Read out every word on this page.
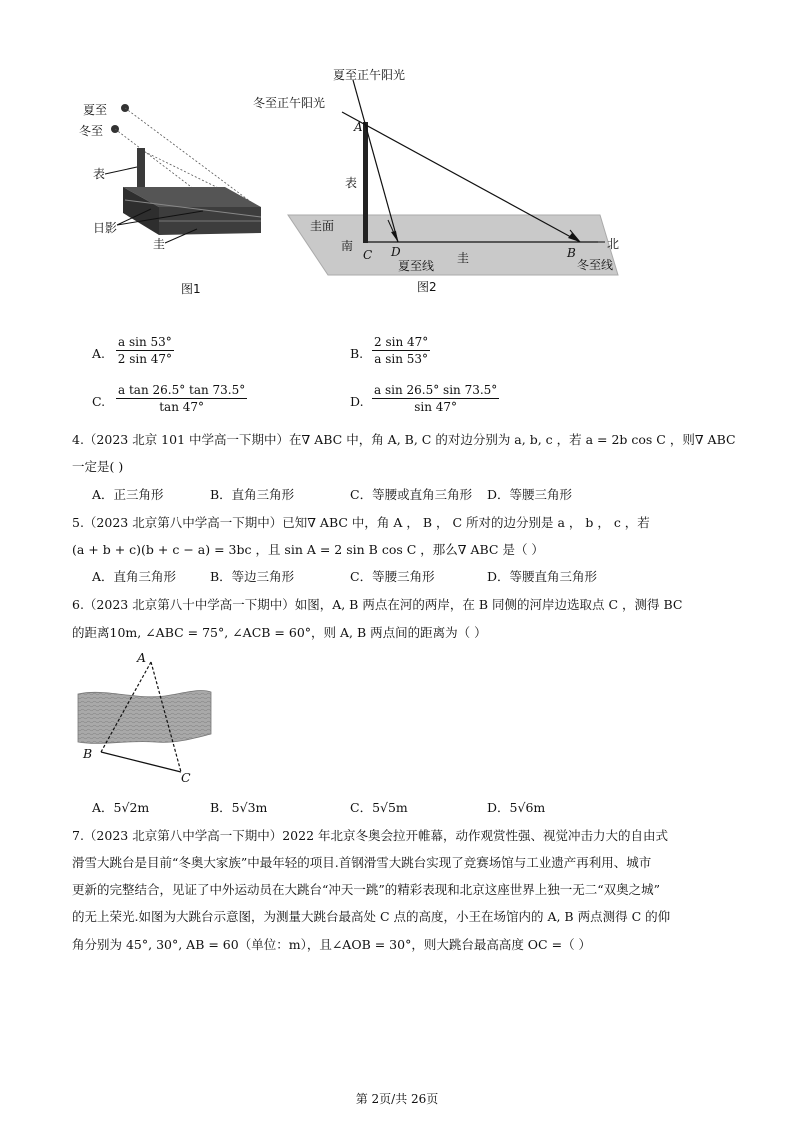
夏至
冬至
表
日影
圭
图1
夏至正午阳光
冬至正午阳光
A
表
圭面
南
C D
夏至线
圭	B
北
冬至线
图2
A. $\frac{\text{a sin 53°}}{2 \sin 47^\circ}$	B. $\frac{2 \sin 47^\circ}{\text{a sin 53°}}$
C. $\frac{\text{a tan 26.5° tan 73.5°}}{\tan 47^\circ}$	D. $\frac{\text{a sin 26.5° sin 73.5°}}{\sin 47^\circ}$
4.（2023 北京 101 中学高一下期中）在∇ ABC 中，角 A, B, C 的对边分别为 a, b, c ，若 a = 2b cos C ，则∇ ABC
一定是( )
A．正三角形	B．直角三角形	C．等腰或直角三角形 D．等腰三角形
5.（2023 北京第八中学高一下期中）已知∇ ABC 中，角 A ， B ， C 所对的边分别是 a ， b ， c ，若
(a + b + c)(b + c − a) = 3bc ，且 sin A = 2 sin B cos C ，那么∇ ABC 是（ ）
A．直角三角形	B．等边三角形	C．等腰三角形	D．等腰直角三角形
6.（2023 北京第八十中学高一下期中）如图，A, B 两点在河的两岸，在 B 同侧的河岸边选取点 C ，测得 BC
的距离10m, ∠ABC = 75°, ∠ACB = 60°，则 A, B 两点间的距离为（ ）
A
B
C
A．5√2m	B．5√3m	C．5√5m	D．5√6m
7.（2023 北京第八中学高一下期中）2022 年北京冬奥会拉开帷幕，动作观赏性强、视觉冲击力大的自由式
滑雪大跳台是目前“冬奥大家族”中最年轻的项目.首钢滑雪大跳台实现了竞赛场馆与工业遗产再利用、城市
更新的完整结合，见证了中外运动员在大跳台“冲天一跳”的精彩表现和北京这座世界上独一无二“双奥之城”
的无上荣光.如图为大跳台示意图，为测量大跳台最高处 C 点的高度，小王在场馆内的 A, B 两点测得 C 的仰
角分别为 45°, 30°, AB = 60（单位：m），且∠AOB = 30°，则大跳台最高高度 OC =（ ）
第 2页/共 26页
